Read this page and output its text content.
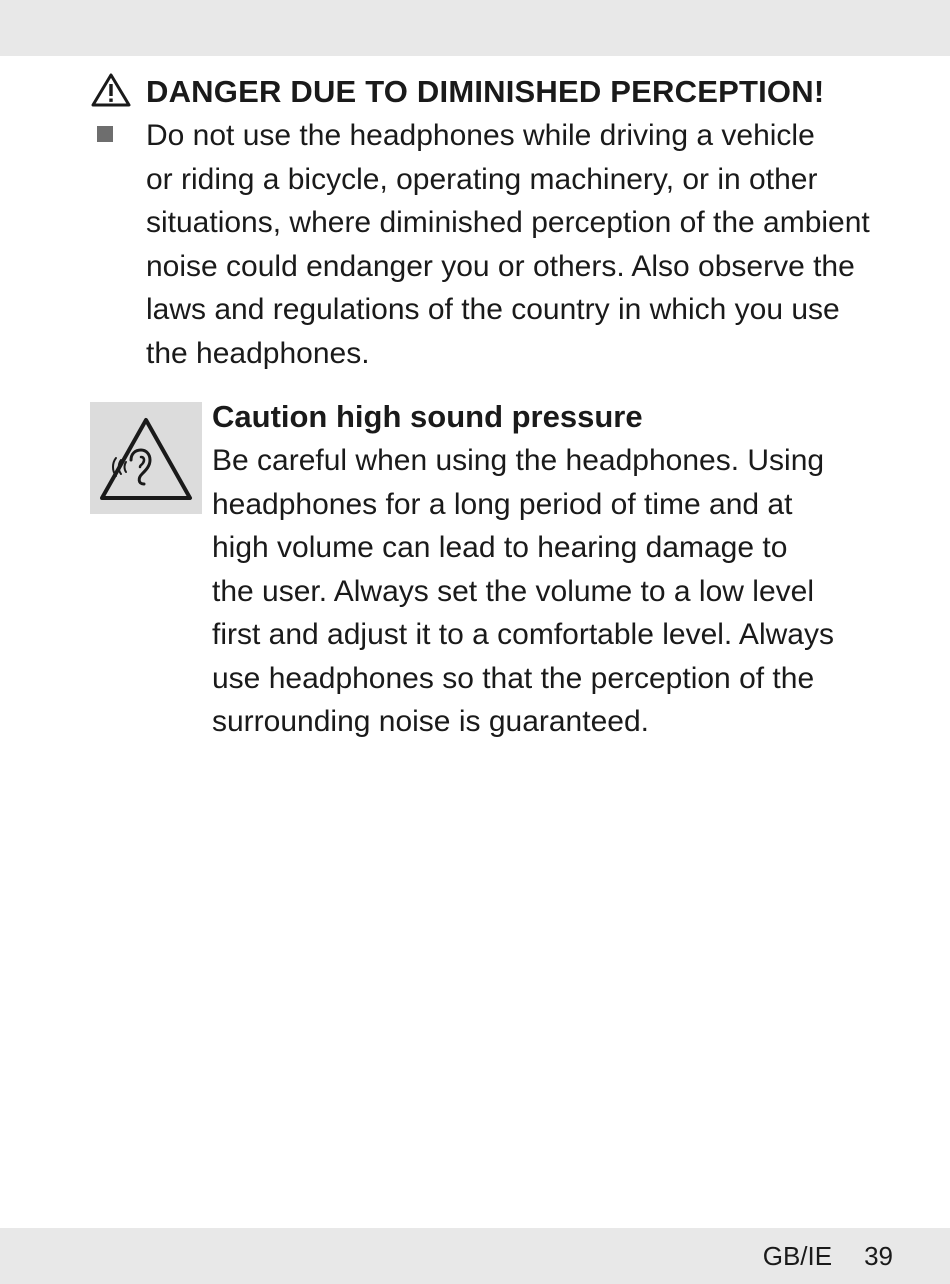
DANGER DUE TO DIMINISHED PERCEPTION!

Do not use the headphones while driving a vehicle
or riding a bicycle, operating machinery, or in other
situations, where diminished perception of the ambient
noise could endanger you or others. Also observe the
laws and regulations of the country in which you use
the headphones.

Caution high sound pressure

Be careful when using the headphones. Using
headphones for a long period of time and at
high volume can lead to hearing damage to
the user. Always set the volume to a low level
first and adjust it to a comfortable level. Always
use headphones so that the perception of the
surrounding noise is guaranteed.

GB/IE 39
